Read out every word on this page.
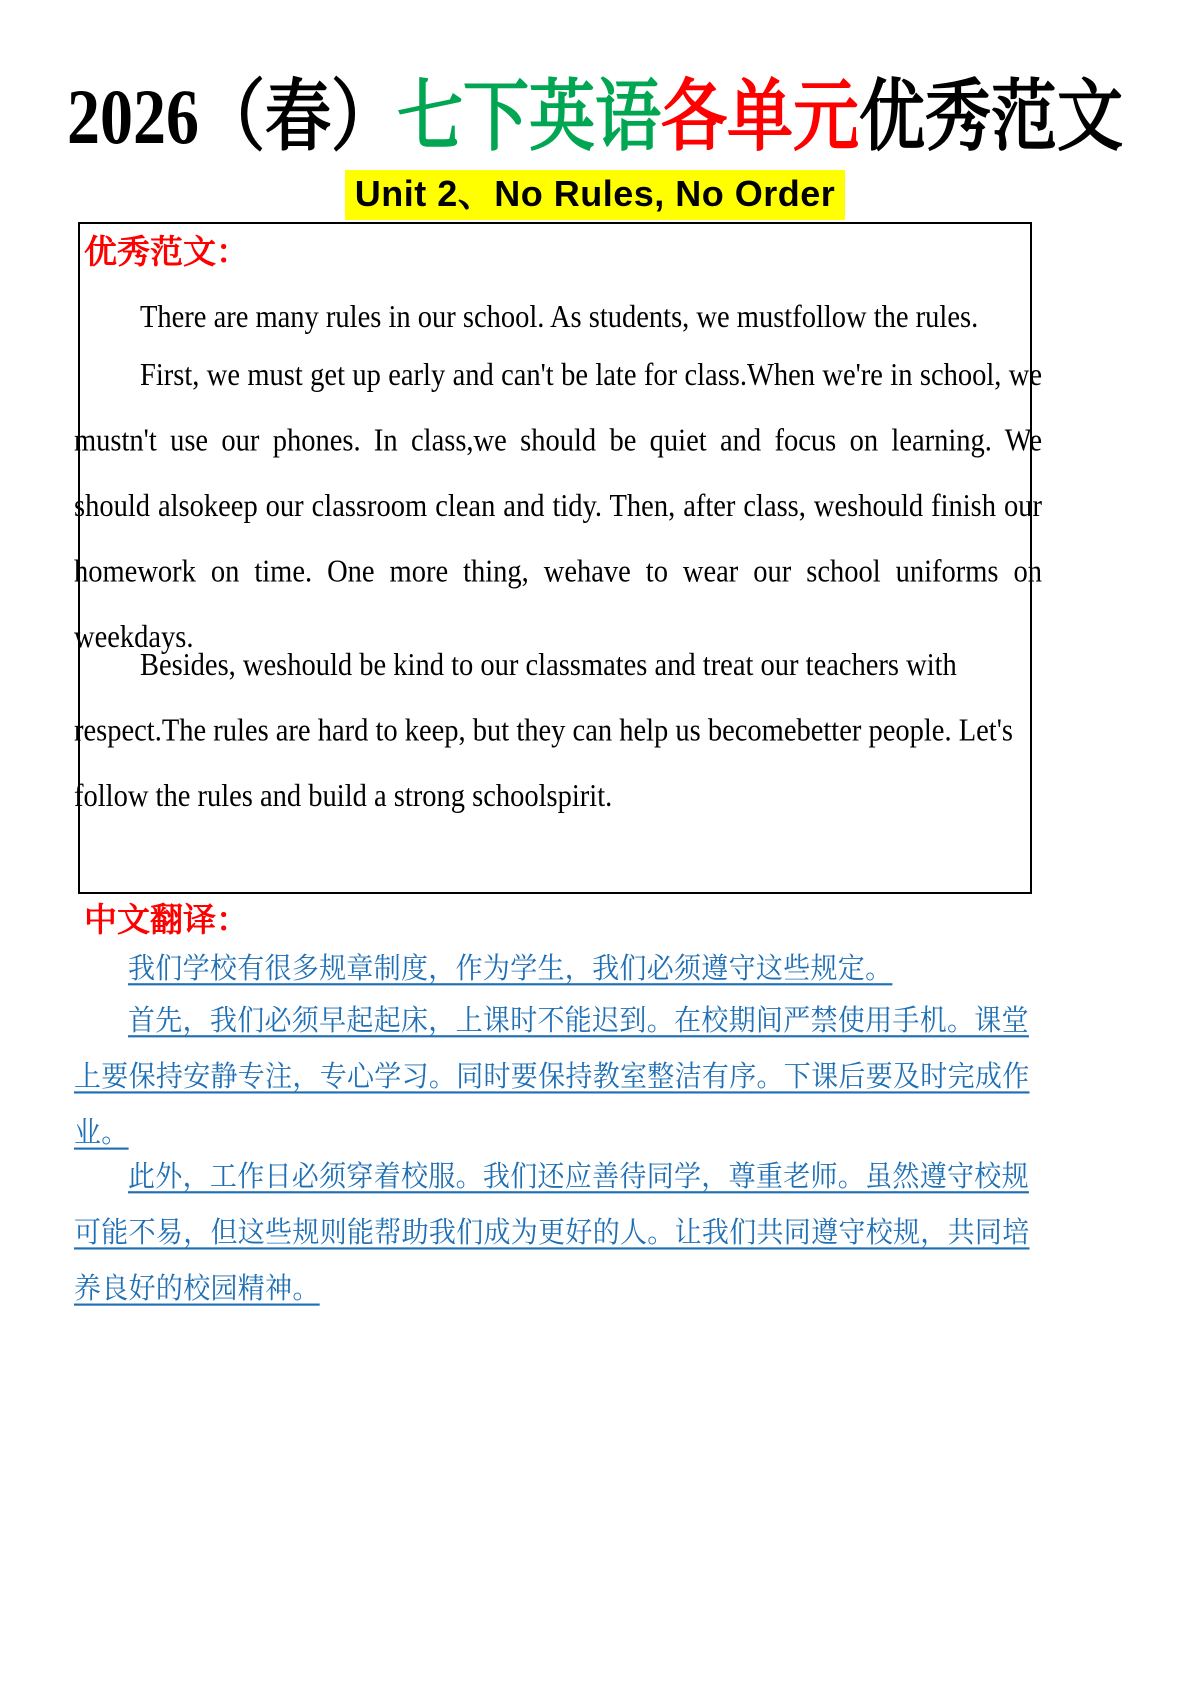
2026（春）七下英语各单元优秀范文
Unit 2、No Rules, No Order
优秀范文：

There are many rules in our school. As students, we mustfollow the rules.

First, we must get up early and can't be late for class.When we're in school, we mustn't use our phones. In class,we should be quiet and focus on learning. We should alsokeep our classroom clean and tidy. Then, after class, weshould finish our homework on time. One more thing, wehave to wear our school uniforms on weekdays.

Besides, weshould be kind to our classmates and treat our teachers with respect.The rules are hard to keep, but they can help us becomebetter people. Let's follow the rules and build a strong schoolspirit.

中文翻译：

我们学校有很多规章制度，作为学生，我们必须遵守这些规定。

首先，我们必须早起起床，上课时不能迟到。在校期间严禁使用手机。课堂上要保持安静专注，专心学习。同时要保持教室整洁有序。下课后要及时完成作业。

此外，工作日必须穿着校服。我们还应善待同学，尊重老师。虽然遵守校规可能不易，但这些规则能帮助我们成为更好的人。让我们共同遵守校规，共同培养良好的校园精神。
